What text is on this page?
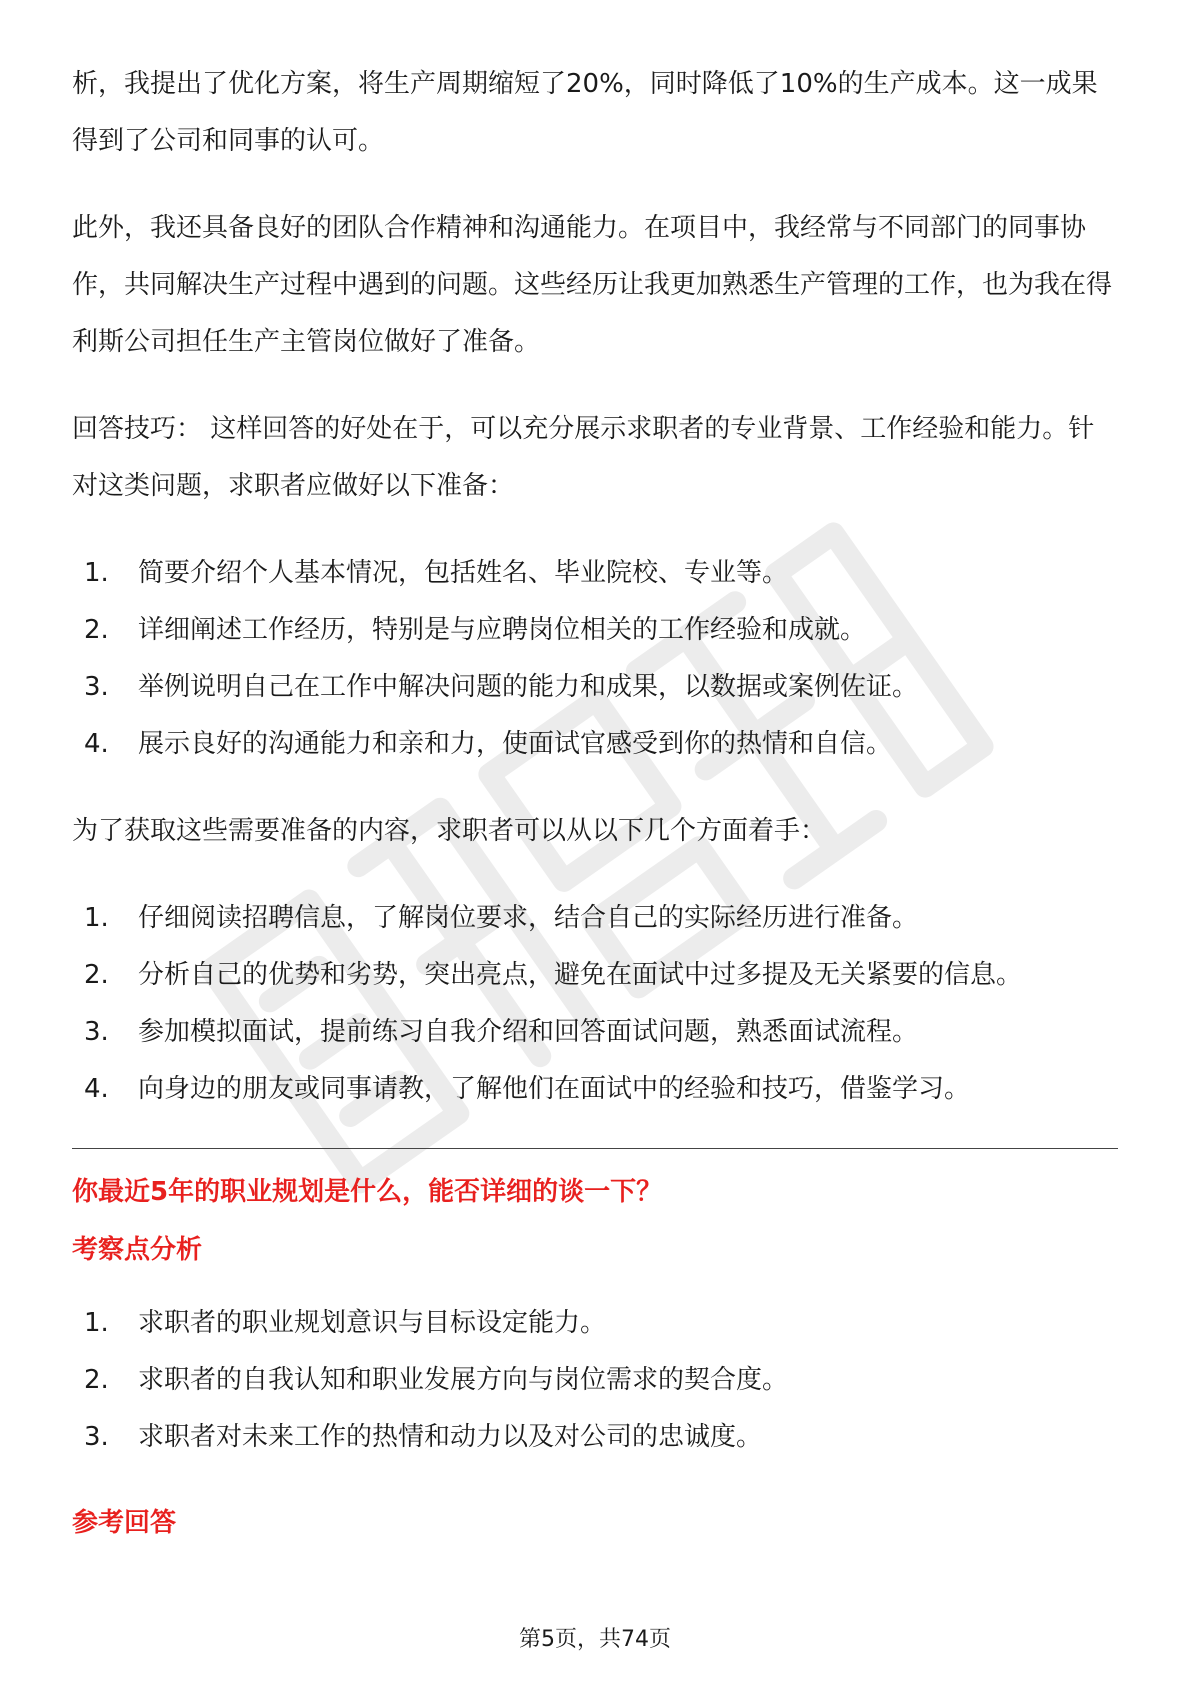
析，我提出了优化方案，将生产周期缩短了20%，同时降低了10%的生产成本。这一成果得到了公司和同事的认可。

此外，我还具备良好的团队合作精神和沟通能力。在项目中，我经常与不同部门的同事协作，共同解决生产过程中遇到的问题。这些经历让我更加熟悉生产管理的工作，也为我在得利斯公司担任生产主管岗位做好了准备。

回答技巧： 这样回答的好处在于，可以充分展示求职者的专业背景、工作经验和能力。针对这类问题，求职者应做好以下准备：

1.	简要介绍个人基本情况，包括姓名、毕业院校、专业等。
2.	详细阐述工作经历，特别是与应聘岗位相关的工作经验和成就。
3.	举例说明自己在工作中解决问题的能力和成果，以数据或案例佐证。
4.	展示良好的沟通能力和亲和力，使面试官感受到你的热情和自信。

为了获取这些需要准备的内容，求职者可以从以下几个方面着手：

1.	仔细阅读招聘信息，了解岗位要求，结合自己的实际经历进行准备。
2.	分析自己的优势和劣势，突出亮点，避免在面试中过多提及无关紧要的信息。
3.	参加模拟面试，提前练习自我介绍和回答面试问题，熟悉面试流程。
4.	向身边的朋友或同事请教，了解他们在面试中的经验和技巧，借鉴学习。

你最近5年的职业规划是什么，能否详细的谈一下？

考察点分析

1.	求职者的职业规划意识与目标设定能力。
2.	求职者的自我认知和职业发展方向与岗位需求的契合度。
3.	求职者对未来工作的热情和动力以及对公司的忠诚度。

参考回答

第5页，共74页
